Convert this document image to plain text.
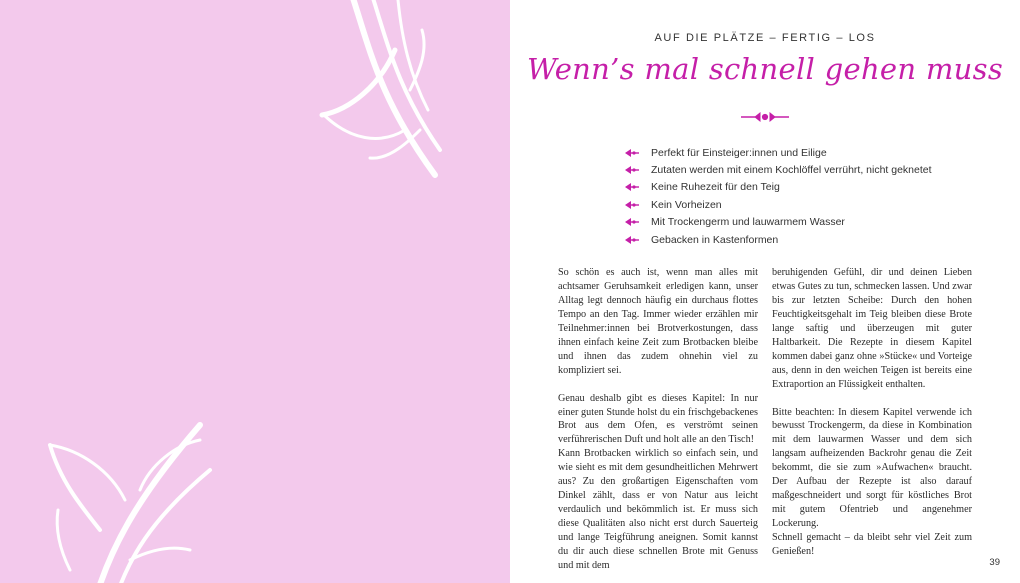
AUF DIE PLÄTZE – FERTIG – LOS
Wenn’s mal schnell gehen muss
Perfekt für Einsteiger:innen und Eilige
Zutaten werden mit einem Kochlöffel verrührt, nicht geknetet
Keine Ruhezeit für den Teig
Kein Vorheizen
Mit Trockengerm und lauwarmem Wasser
Gebacken in Kastenformen

So schön es auch ist, wenn man alles mit achtsamer Geruhsamkeit erledigen kann, unser Alltag legt dennoch häufig ein durchaus flottes Tempo an den Tag. Immer wieder erzählen mir Teilnehmer:innen bei Brotverkostungen, dass ihnen einfach keine Zeit zum Brotbacken bleibe und ihnen das zudem ohnehin viel zu kompliziert sei.

Genau deshalb gibt es dieses Kapitel: In nur einer guten Stunde holst du ein frischgebackenes Brot aus dem Ofen, es verströmt seinen verführerischen Duft und holt alle an den Tisch!

Kann Brotbacken wirklich so einfach sein, und wie sieht es mit dem gesundheitlichen Mehrwert aus? Zu den großartigen Eigenschaften vom Dinkel zählt, dass er von Natur aus leicht verdaulich und bekömmlich ist. Er muss sich diese Qualitäten also nicht erst durch Sauerteig und lange Teigführung aneignen. Somit kannst du dir auch diese schnellen Brote mit Genuss und mit dem

beruhigenden Gefühl, dir und deinen Lieben etwas Gutes zu tun, schmecken lassen. Und zwar bis zur letzten Scheibe: Durch den hohen Feuchtigkeitsgehalt im Teig bleiben diese Brote lange saftig und überzeugen mit guter Haltbarkeit. Die Rezepte in diesem Kapitel kommen dabei ganz ohne »Stücke« und Vorteige aus, denn in den weichen Teigen ist bereits eine Extraportion an Flüssigkeit enthalten.

Bitte beachten: In diesem Kapitel verwende ich bewusst Trockengerm, da diese in Kombination mit dem lauwarmen Wasser und dem sich langsam aufheizenden Backrohr genau die Zeit bekommt, die sie zum »Aufwachen« braucht. Der Aufbau der Rezepte ist also darauf maßgeschneidert und sorgt für köstliches Brot mit gutem Ofentrieb und angenehmer Lockerung.

Schnell gemacht – da bleibt sehr viel Zeit zum Genießen!

39
